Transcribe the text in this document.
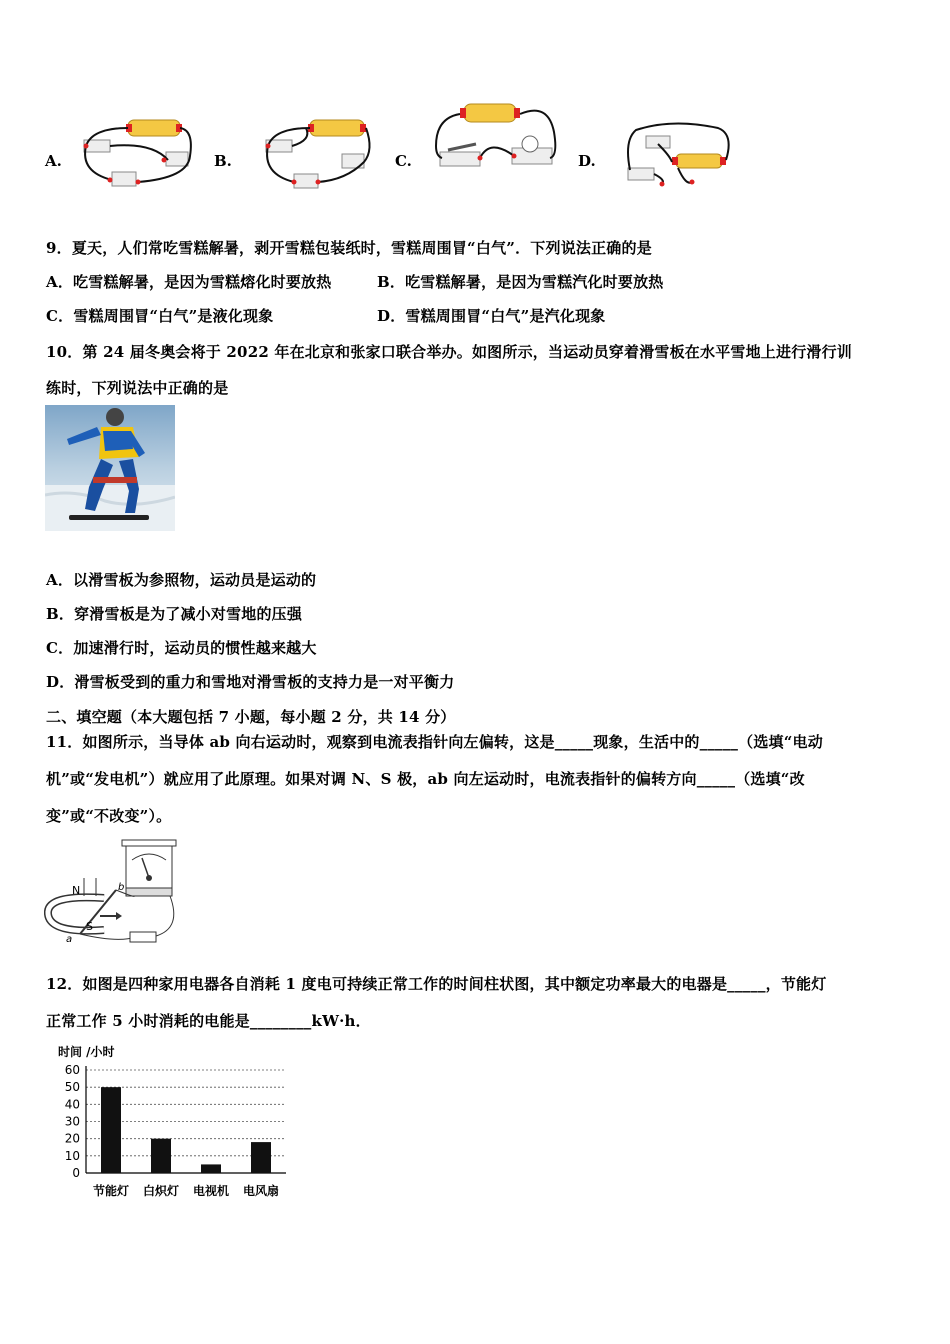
A.	B.	C.	D.
9．夏天，人们常吃雪糕解暑，剥开雪糕包装纸时，雪糕周围冒“白气”．下列说法正确的是
A．吃雪糕解暑，是因为雪糕熔化时要放热	B．吃雪糕解暑，是因为雪糕汽化时要放热
C．雪糕周围冒“白气”是液化现象	D．雪糕周围冒“白气”是汽化现象
10．第 24 届冬奥会将于 2022 年在北京和张家口联合举办。如图所示，当运动员穿着滑雪板在水平雪地上进行滑行训
练时，下列说法中正确的是
A．以滑雪板为参照物，运动员是运动的
B．穿滑雪板是为了减小对雪地的压强
C．加速滑行时，运动员的惯性越来越大
D．滑雪板受到的重力和雪地对滑雪板的支持力是一对平衡力
二、填空题（本大题包括 7 小题，每小题 2 分，共 14 分）
11．如图所示，当导体 ab 向右运动时，观察到电流表指针向左偏转，这是_____现象，生活中的_____（选填“电动
机”或“发电机”）就应用了此原理。如果对调 N、S 极，ab 向左运动时，电流表指针的偏转方向_____（选填“改
变”或“不改变”）。
N
S
a
b
12．如图是四种家用电器各自消耗 1 度电可持续正常工作的时间柱状图，其中额定功率最大的电器是_____，节能灯
正常工作 5 小时消耗的电能是________kW·h．
时间 /小时
0
10
20
30
40
50
60
节能灯 白炽灯 电视机 电风扇
